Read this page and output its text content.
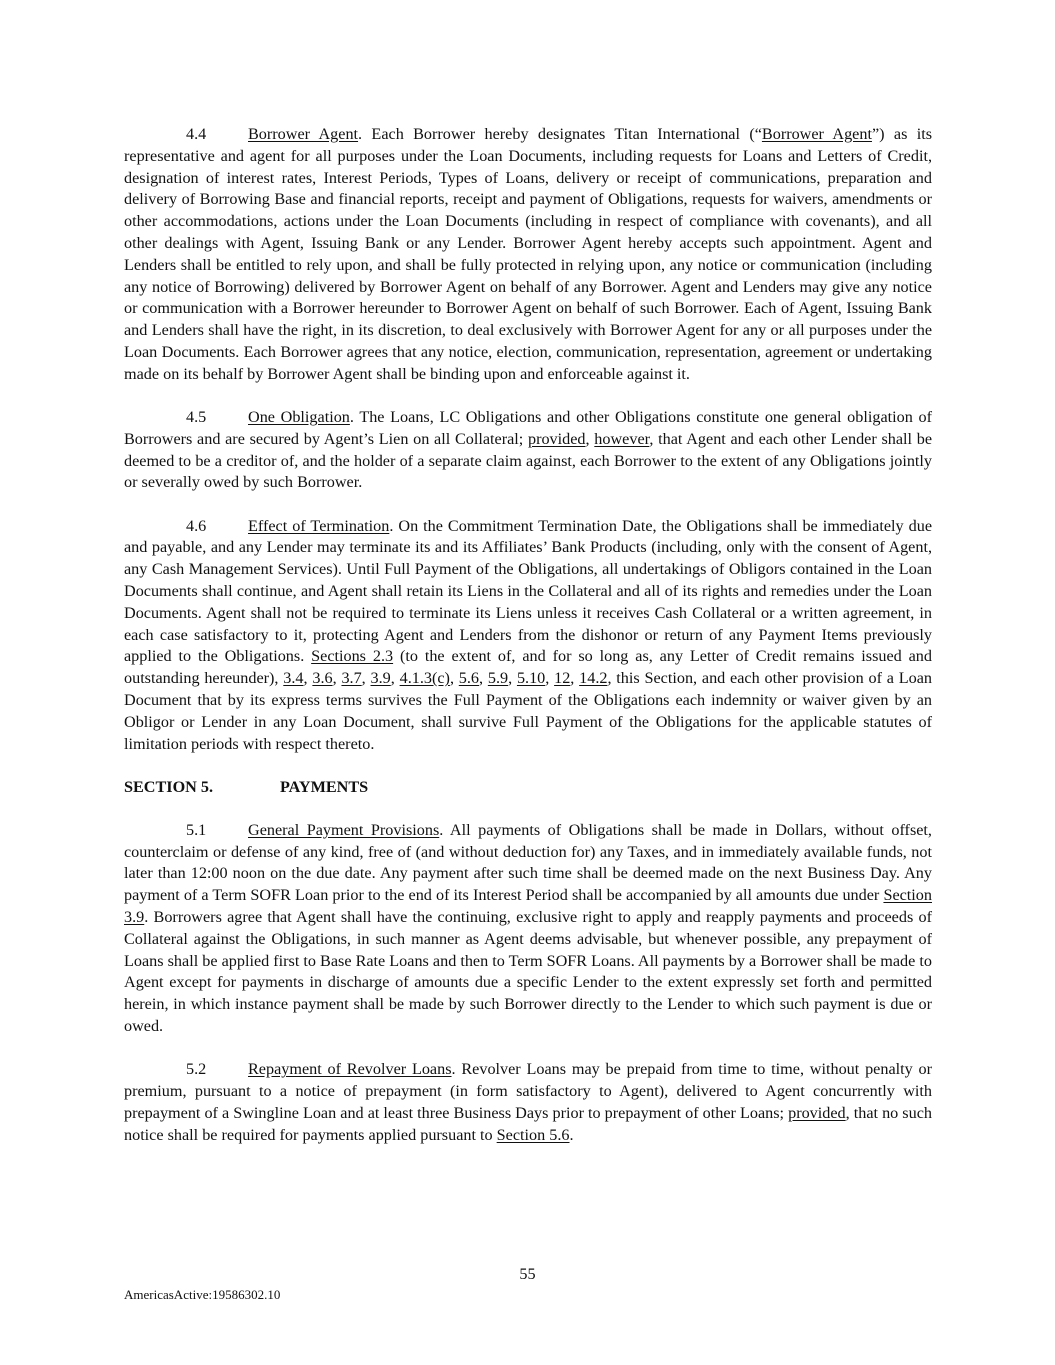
4.4	Borrower Agent. Each Borrower hereby designates Titan International (“Borrower Agent”) as its representative and agent for all purposes under the Loan Documents, including requests for Loans and Letters of Credit, designation of interest rates, Interest Periods, Types of Loans, delivery or receipt of communications, preparation and delivery of Borrowing Base and financial reports, receipt and payment of Obligations, requests for waivers, amendments or other accommodations, actions under the Loan Documents (including in respect of compliance with covenants), and all other dealings with Agent, Issuing Bank or any Lender. Borrower Agent hereby accepts such appointment. Agent and Lenders shall be entitled to rely upon, and shall be fully protected in relying upon, any notice or communication (including any notice of Borrowing) delivered by Borrower Agent on behalf of any Borrower. Agent and Lenders may give any notice or communication with a Borrower hereunder to Borrower Agent on behalf of such Borrower. Each of Agent, Issuing Bank and Lenders shall have the right, in its discretion, to deal exclusively with Borrower Agent for any or all purposes under the Loan Documents. Each Borrower agrees that any notice, election, communication, representation, agreement or undertaking made on its behalf by Borrower Agent shall be binding upon and enforceable against it.

4.5	One Obligation. The Loans, LC Obligations and other Obligations constitute one general obligation of Borrowers and are secured by Agent’s Lien on all Collateral; provided, however, that Agent and each other Lender shall be deemed to be a creditor of, and the holder of a separate claim against, each Borrower to the extent of any Obligations jointly or severally owed by such Borrower.

4.6	Effect of Termination. On the Commitment Termination Date, the Obligations shall be immediately due and payable, and any Lender may terminate its and its Affiliates’ Bank Products (including, only with the consent of Agent, any Cash Management Services). Until Full Payment of the Obligations, all undertakings of Obligors contained in the Loan Documents shall continue, and Agent shall retain its Liens in the Collateral and all of its rights and remedies under the Loan Documents. Agent shall not be required to terminate its Liens unless it receives Cash Collateral or a written agreement, in each case satisfactory to it, protecting Agent and Lenders from the dishonor or return of any Payment Items previously applied to the Obligations. Sections 2.3 (to the extent of, and for so long as, any Letter of Credit remains issued and outstanding hereunder), 3.4, 3.6, 3.7, 3.9, 4.1.3(c), 5.6, 5.9, 5.10, 12, 14.2, this Section, and each other provision of a Loan Document that by its express terms survives the Full Payment of the Obligations each indemnity or waiver given by an Obligor or Lender in any Loan Document, shall survive Full Payment of the Obligations for the applicable statutes of limitation periods with respect thereto.

SECTION 5.	PAYMENTS

5.1	General Payment Provisions. All payments of Obligations shall be made in Dollars, without offset, counterclaim or defense of any kind, free of (and without deduction for) any Taxes, and in immediately available funds, not later than 12:00 noon on the due date. Any payment after such time shall be deemed made on the next Business Day. Any payment of a Term SOFR Loan prior to the end of its Interest Period shall be accompanied by all amounts due under Section 3.9. Borrowers agree that Agent shall have the continuing, exclusive right to apply and reapply payments and proceeds of Collateral against the Obligations, in such manner as Agent deems advisable, but whenever possible, any prepayment of Loans shall be applied first to Base Rate Loans and then to Term SOFR Loans. All payments by a Borrower shall be made to Agent except for payments in discharge of amounts due a specific Lender to the extent expressly set forth and permitted herein, in which instance payment shall be made by such Borrower directly to the Lender to which such payment is due or owed.

5.2	Repayment of Revolver Loans. Revolver Loans may be prepaid from time to time, without penalty or premium, pursuant to a notice of prepayment (in form satisfactory to Agent), delivered to Agent concurrently with prepayment of a Swingline Loan and at least three Business Days prior to prepayment of other Loans; provided, that no such notice shall be required for payments applied pursuant to Section 5.6.

55
AmericasActive:19586302.10
